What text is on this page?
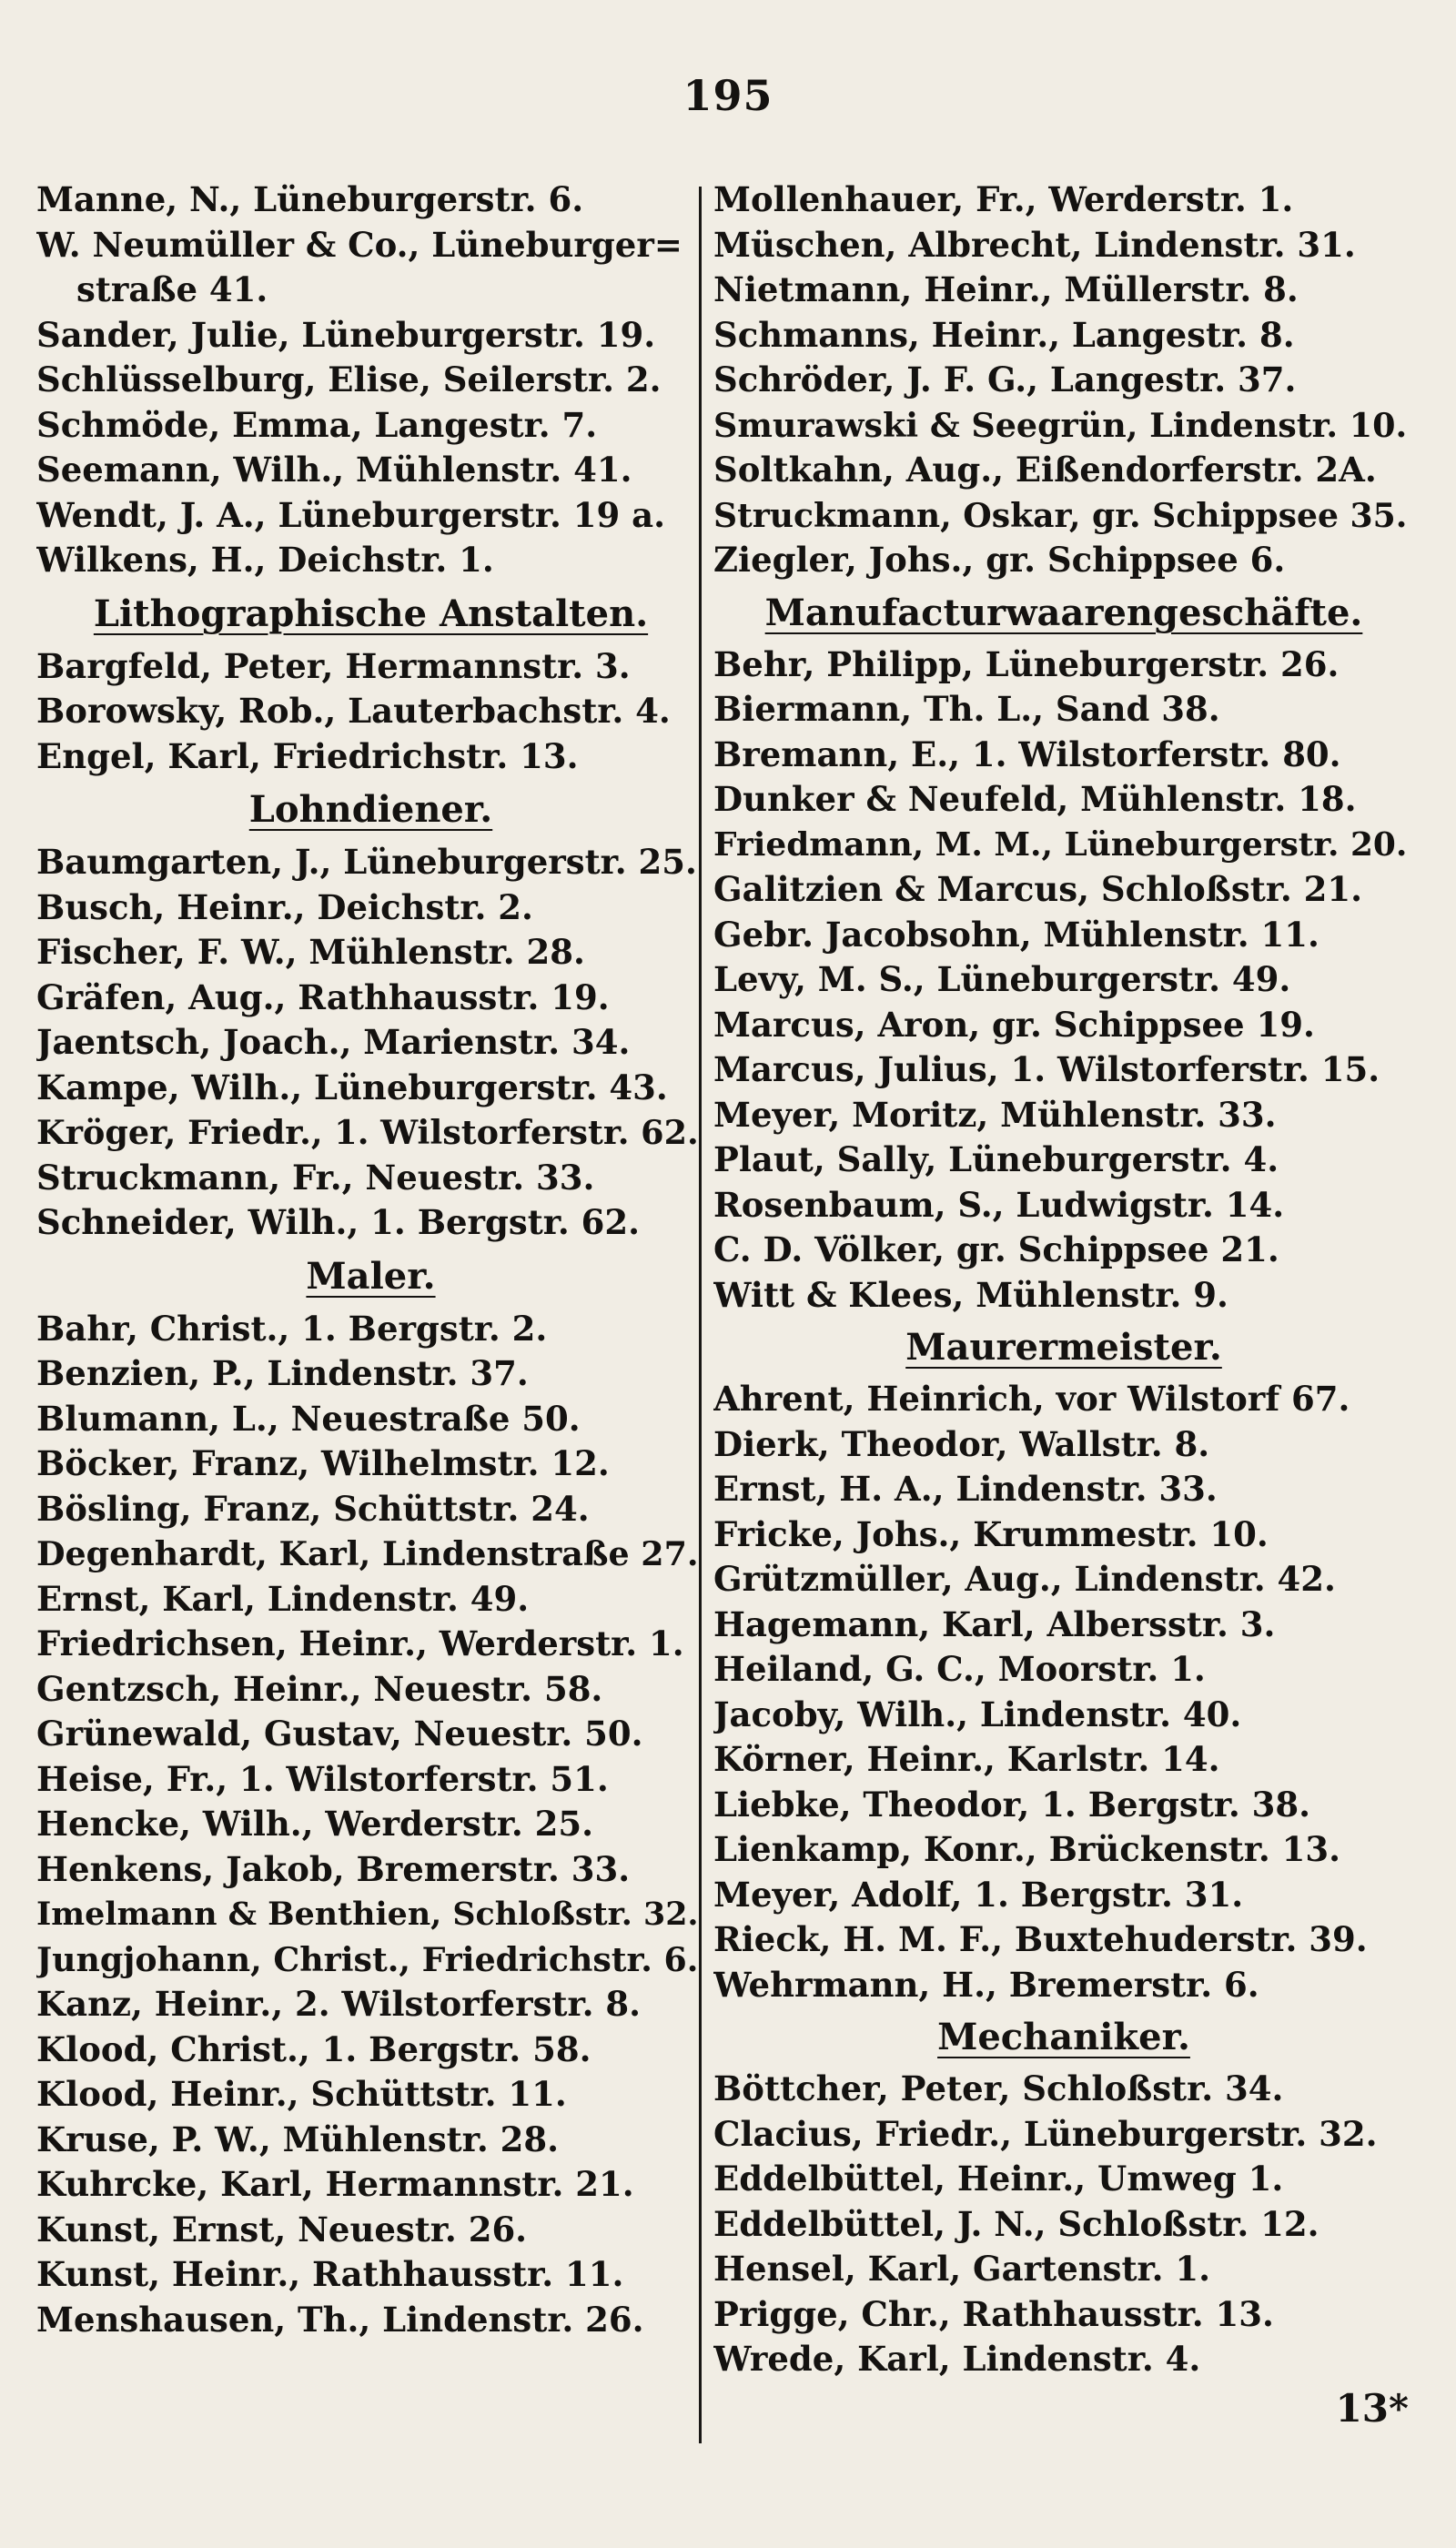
195
Manne, N., Lüneburgerstr. 6.
W. Neumüller & Co., Lüneburger=
straße 41.
Sander, Julie, Lüneburgerstr. 19.
Schlüsselburg, Elise, Seilerstr. 2.
Schmöde, Emma, Langestr. 7.
Seemann, Wilh., Mühlenstr. 41.
Wendt, J. A., Lüneburgerstr. 19 a.
Wilkens, H., Deichstr. 1.
Lithographische Anstalten.
Bargfeld, Peter, Hermannstr. 3.
Borowsky, Rob., Lauterbachstr. 4.
Engel, Karl, Friedrichstr. 13.
Lohndiener.
Baumgarten, J., Lüneburgerstr. 25.
Busch, Heinr., Deichstr. 2.
Fischer, F. W., Mühlenstr. 28.
Gräfen, Aug., Rathhausstr. 19.
Jaentsch, Joach., Marienstr. 34.
Kampe, Wilh., Lüneburgerstr. 43.
Kröger, Friedr., 1. Wilstorferstr. 62.
Struckmann, Fr., Neuestr. 33.
Schneider, Wilh., 1. Bergstr. 62.
Maler.
Bahr, Christ., 1. Bergstr. 2.
Benzien, P., Lindenstr. 37.
Blumann, L., Neuestraße 50.
Böcker, Franz, Wilhelmstr. 12.
Bösling, Franz, Schüttstr. 24.
Degenhardt, Karl, Lindenstraße 27.
Ernst, Karl, Lindenstr. 49.
Friedrichsen, Heinr., Werderstr. 1.
Gentzsch, Heinr., Neuestr. 58.
Grünewald, Gustav, Neuestr. 50.
Heise, Fr., 1. Wilstorferstr. 51.
Hencke, Wilh., Werderstr. 25.
Henkens, Jakob, Bremerstr. 33.
Imelmann & Benthien, Schloßstr. 32.
Jungjohann, Christ., Friedrichstr. 6.
Kanz, Heinr., 2. Wilstorferstr. 8.
Klood, Christ., 1. Bergstr. 58.
Klood, Heinr., Schüttstr. 11.
Kruse, P. W., Mühlenstr. 28.
Kuhrcke, Karl, Hermannstr. 21.
Kunst, Ernst, Neuestr. 26.
Kunst, Heinr., Rathhausstr. 11.
Menshausen, Th., Lindenstr. 26.
Mollenhauer, Fr., Werderstr. 1.
Müschen, Albrecht, Lindenstr. 31.
Nietmann, Heinr., Müllerstr. 8.
Schmanns, Heinr., Langestr. 8.
Schröder, J. F. G., Langestr. 37.
Smurawski & Seegrün, Lindenstr. 10.
Soltkahn, Aug., Eißendorferstr. 2A.
Struckmann, Oskar, gr. Schippsee 35.
Ziegler, Johs., gr. Schippsee 6.
Manufacturwaarengeschäfte.
Behr, Philipp, Lüneburgerstr. 26.
Biermann, Th. L., Sand 38.
Bremann, E., 1. Wilstorferstr. 80.
Dunker & Neufeld, Mühlenstr. 18.
Friedmann, M. M., Lüneburgerstr. 20.
Galitzien & Marcus, Schloßstr. 21.
Gebr. Jacobsohn, Mühlenstr. 11.
Levy, M. S., Lüneburgerstr. 49.
Marcus, Aron, gr. Schippsee 19.
Marcus, Julius, 1. Wilstorferstr. 15.
Meyer, Moritz, Mühlenstr. 33.
Plaut, Sally, Lüneburgerstr. 4.
Rosenbaum, S., Ludwigstr. 14.
C. D. Völker, gr. Schippsee 21.
Witt & Klees, Mühlenstr. 9.
Maurermeister.
Ahrent, Heinrich, vor Wilstorf 67.
Dierk, Theodor, Wallstr. 8.
Ernst, H. A., Lindenstr. 33.
Fricke, Johs., Krummestr. 10.
Grützmüller, Aug., Lindenstr. 42.
Hagemann, Karl, Albersstr. 3.
Heiland, G. C., Moorstr. 1.
Jacoby, Wilh., Lindenstr. 40.
Körner, Heinr., Karlstr. 14.
Liebke, Theodor, 1. Bergstr. 38.
Lienkamp, Konr., Brückenstr. 13.
Meyer, Adolf, 1. Bergstr. 31.
Rieck, H. M. F., Buxtehuderstr. 39.
Wehrmann, H., Bremerstr. 6.
Mechaniker.
Böttcher, Peter, Schloßstr. 34.
Clacius, Friedr., Lüneburgerstr. 32.
Eddelbüttel, Heinr., Umweg 1.
Eddelbüttel, J. N., Schloßstr. 12.
Hensel, Karl, Gartenstr. 1.
Prigge, Chr., Rathhausstr. 13.
Wrede, Karl, Lindenstr. 4.
13*
